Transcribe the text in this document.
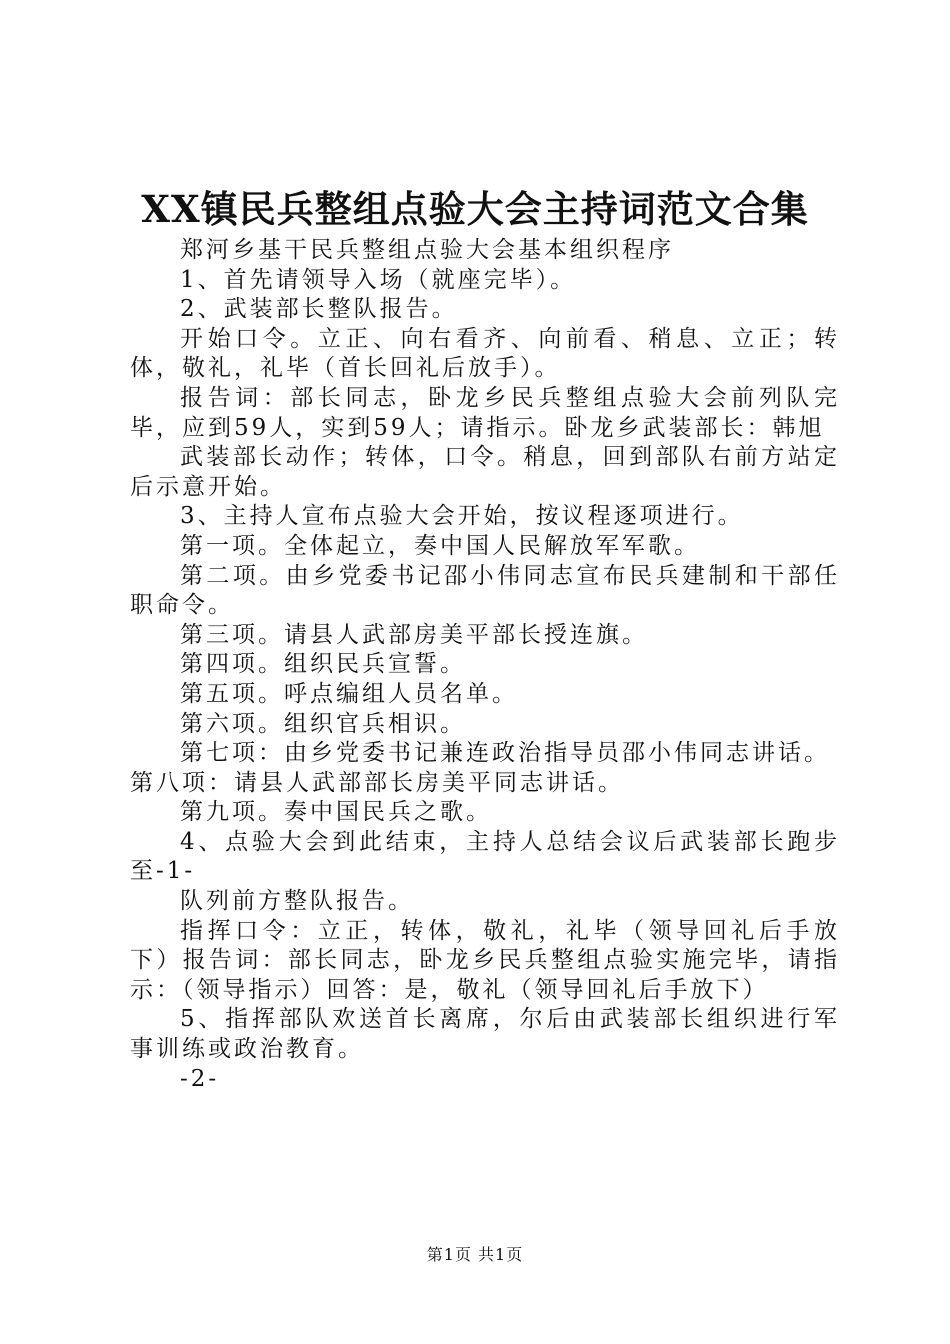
XX镇民兵整组点验大会主持词范文合集

郑河乡基干民兵整组点验大会基本组织程序

1、首先请领导入场（就座完毕）。

2、武装部长整队报告。

开始口令。立正、向右看齐、向前看、稍息、立正；转体，敬礼，礼毕（首长回礼后放手）。

报告词：部长同志，卧龙乡民兵整组点验大会前列队完毕，应到59人，实到59人；请指示。卧龙乡武装部长：韩旭

武装部长动作；转体，口令。稍息，回到部队右前方站定后示意开始。

3、主持人宣布点验大会开始，按议程逐项进行。

第一项。全体起立，奏中国人民解放军军歌。

第二项。由乡党委书记邵小伟同志宣布民兵建制和干部任职命令。

第三项。请县人武部房美平部长授连旗。

第四项。组织民兵宣誓。

第五项。呼点编组人员名单。

第六项。组织官兵相识。

第七项：由乡党委书记兼连政治指导员邵小伟同志讲话。

第八项：请县人武部部长房美平同志讲话。

第九项。奏中国民兵之歌。

4、点验大会到此结束，主持人总结会议后武装部长跑步至-1-

队列前方整队报告。

指挥口令：立正，转体，敬礼，礼毕（领导回礼后手放下）报告词：部长同志，卧龙乡民兵整组点验实施完毕，请指示：（领导指示）回答：是，敬礼（领导回礼后手放下）

5、指挥部队欢送首长离席，尔后由武装部长组织进行军事训练或政治教育。

-2-

第1页 共1页
